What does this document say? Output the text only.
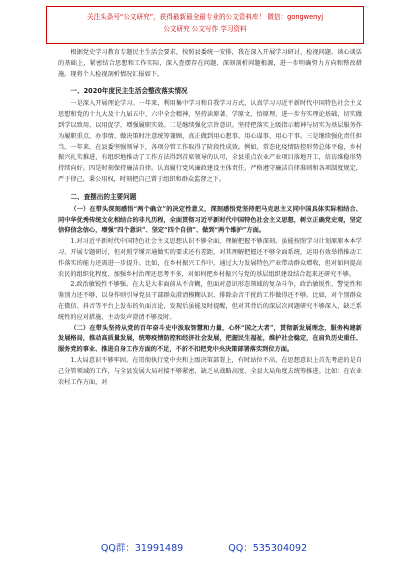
关注头条号“公文研究”，获得最新最全最专业的公文资料库！ 微信：gongwenyj
公文研究 公文写作 学习资料

根据党史学习教育专题民主生活会要求，按照县委统一安排，我在深入开展学习研讨、检视问题、谈心谈话的基础上，紧密结合思想和工作实际，深入查摆存在问题，深刻剖析问题根源，进一步明确努力方向和整改措施。现将个人检视剖析情况汇报如下。

一、2020年度民主生活会整改落实情况

一是深入开展理论学习。一年来，利用集中学习和自我学习方式，认真学习习近平新时代中国特色社会主义思想和党的十九大及十九届五中、六中全会精神，坚持读原著、学原文、悟原理，进一步夯实理论基础，切实做到学以致用、以用促学，增强履职实效。二是继续强化宗旨意识。坚持把落实上级指示精神与切实为基层服务作为履职重点，办事情、做决策时注意统筹兼顾，真正做到用心想事、用心谋事、用心干事。三是继续强化责任担当。一年来，在县委坚强领导下，各项分管工作取得了阶段性成效。例如，常态化疫情防控形势总体平稳，乡村振兴扎实推进，有组织地推动了工作方法得到首席领导的认可，全县重点农业产业项目落地开工，信访维稳形势持续向好。四是时刻保持廉洁自律。认真履行党风廉政建设主体责任，严格遵守廉洁自律准则和各项制度规定，严于律己，秉公用权，时刻把自己置于组织和群众监督之下。

二、查摆出的主要问题

（一）在带头深刻感悟“两个确立”的决定性意义，深刻感悟党坚持把马克思主义同中国具体实际相结合、同中华优秀传统文化相结合的非凡历程，全面贯彻习近平新时代中国特色社会主义思想，树立正确党史观，坚定信仰信念信心，增强“四个意识”、坚定“四个自信”、做到“两个维护”方面。

1.对习近平新时代中国特色社会主义思想认识不够全面，理解把握不够深刻。虽能按照学习计划原原本本学习、开展专题研讨，但对照学懂弄通做实的要求还有差距，对其理解把握还不够全面系统，运用有效举措推动工作落实的能力还需进一步提升。比如，在乡村振兴工作中，通过大力发展特色产业带动群众增收，但对如何提高农民的组织化程度、加强乡村治理还思考不多，对如何把乡村振兴与党的基层组织建设结合起来还研究不够。

2.政治敏锐性不够强。在大是大非面前从不含糊，但面对意识形态领域的复杂斗争，政治敏锐性、警觉性和鉴别力还不够，以身作则引导党员干部群众澄清模糊认识、排除杂音干扰的工作做得还不够。比如，对个别群众在微信、抖音等平台上发布的负面言论，发现后虽能及时提醒，但对其背后的深层次问题研究不够深入，缺乏系统性的应对措施，主动发声澄清不够及时。

（二）在带头坚持从党的百年奋斗史中汲取智慧和力量，心怀“国之大者”，贯彻新发展理念，服务构建新发展格局，推动高质量发展，统筹疫情防控和经济社会发展，把握民生福祉，维护社会稳定，在肩负历史重任、服务党的事业、推进自身工作方面的不足，不折不扣把党中央决策部署落实到位方面。

1.大局意识不够牢固。在贯彻执行党中央和上级决策部署上，有时站位不高，在思想意识上首先考虑的是自己分管领域的工作，与全县发展大局对接不够紧密，缺乏从战略高度、全县大局角度去统筹推进。比如：在农业农村工作方面，对

QQ群：31991489	QQ：535304092
